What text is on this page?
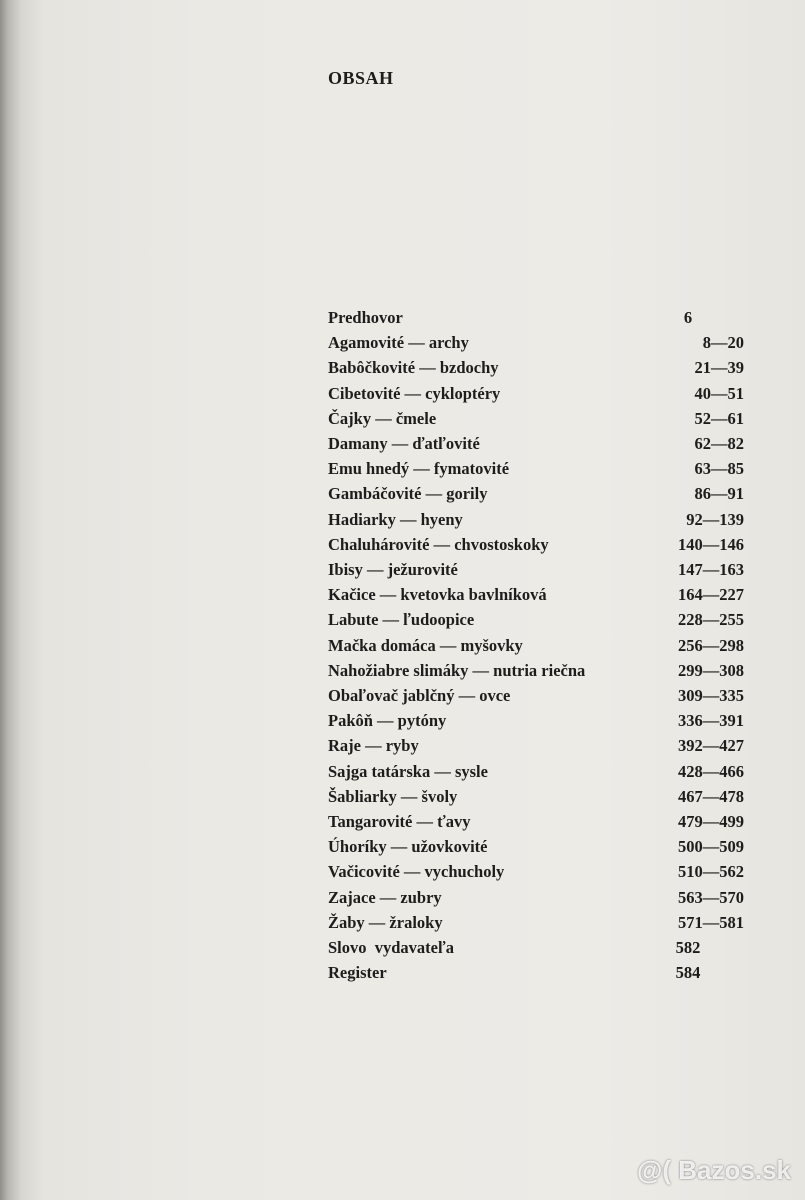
OBSAH
Predhovor	6
Agamovité — archy	8—20
Babôčkovité — bzdochy	21—39
Cibetovité — cykloptéry	40—51
Čajky — čmele	52—61
Damany — ďatľovité	62—82
Emu hnedý — fymatovité	63—85
Gambáčovité — gorily	86—91
Hadiarky — hyeny	92—139
Chaluhárovité — chvostoskoky	140—146
Ibisy — ježurovité	147—163
Kačice — kvetovka bavlníková	164—227
Labute — ľudoopice	228—255
Mačka domáca — myšovky	256—298
Nahožiabre slimáky — nutria riečna	299—308
Obaľovač jablčný — ovce	309—335
Pakôň — pytóny	336—391
Raje — ryby	392—427
Sajga tatárska — sysle	428—466
Šabliarky — švoly	467—478
Tangarovité — ťavy	479—499
Úhoríky — užovkovité	500—509
Vačicovité — vychucholy	510—562
Zajace — zubry	563—570
Žaby — žraloky	571—581
Slovo  vydavateľa	582
Register	584
@( Bazos.sk
